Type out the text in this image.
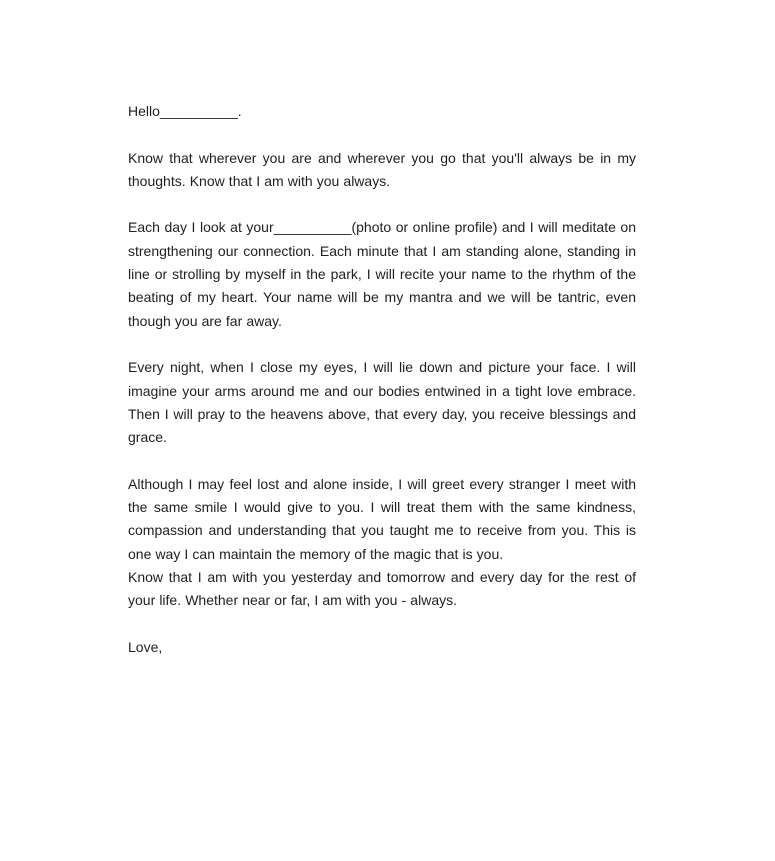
Hello__________.

Know that wherever you are and wherever you go that you'll always be in my thoughts. Know that I am with you always.

Each day I look at your__________(photo or online profile) and I will meditate on strengthening our connection. Each minute that I am standing alone, standing in line or strolling by myself in the park, I will recite your name to the rhythm of the beating of my heart. Your name will be my mantra and we will be tantric, even though you are far away.

Every night, when I close my eyes, I will lie down and picture your face. I will imagine your arms around me and our bodies entwined in a tight love embrace. Then I will pray to the heavens above, that every day, you receive blessings and grace.

Although I may feel lost and alone inside, I will greet every stranger I meet with the same smile I would give to you. I will treat them with the same kindness, compassion and understanding that you taught me to receive from you. This is one way I can maintain the memory of the magic that is you.

Know that I am with you yesterday and tomorrow and every day for the rest of your life. Whether near or far, I am with you - always.

Love,
